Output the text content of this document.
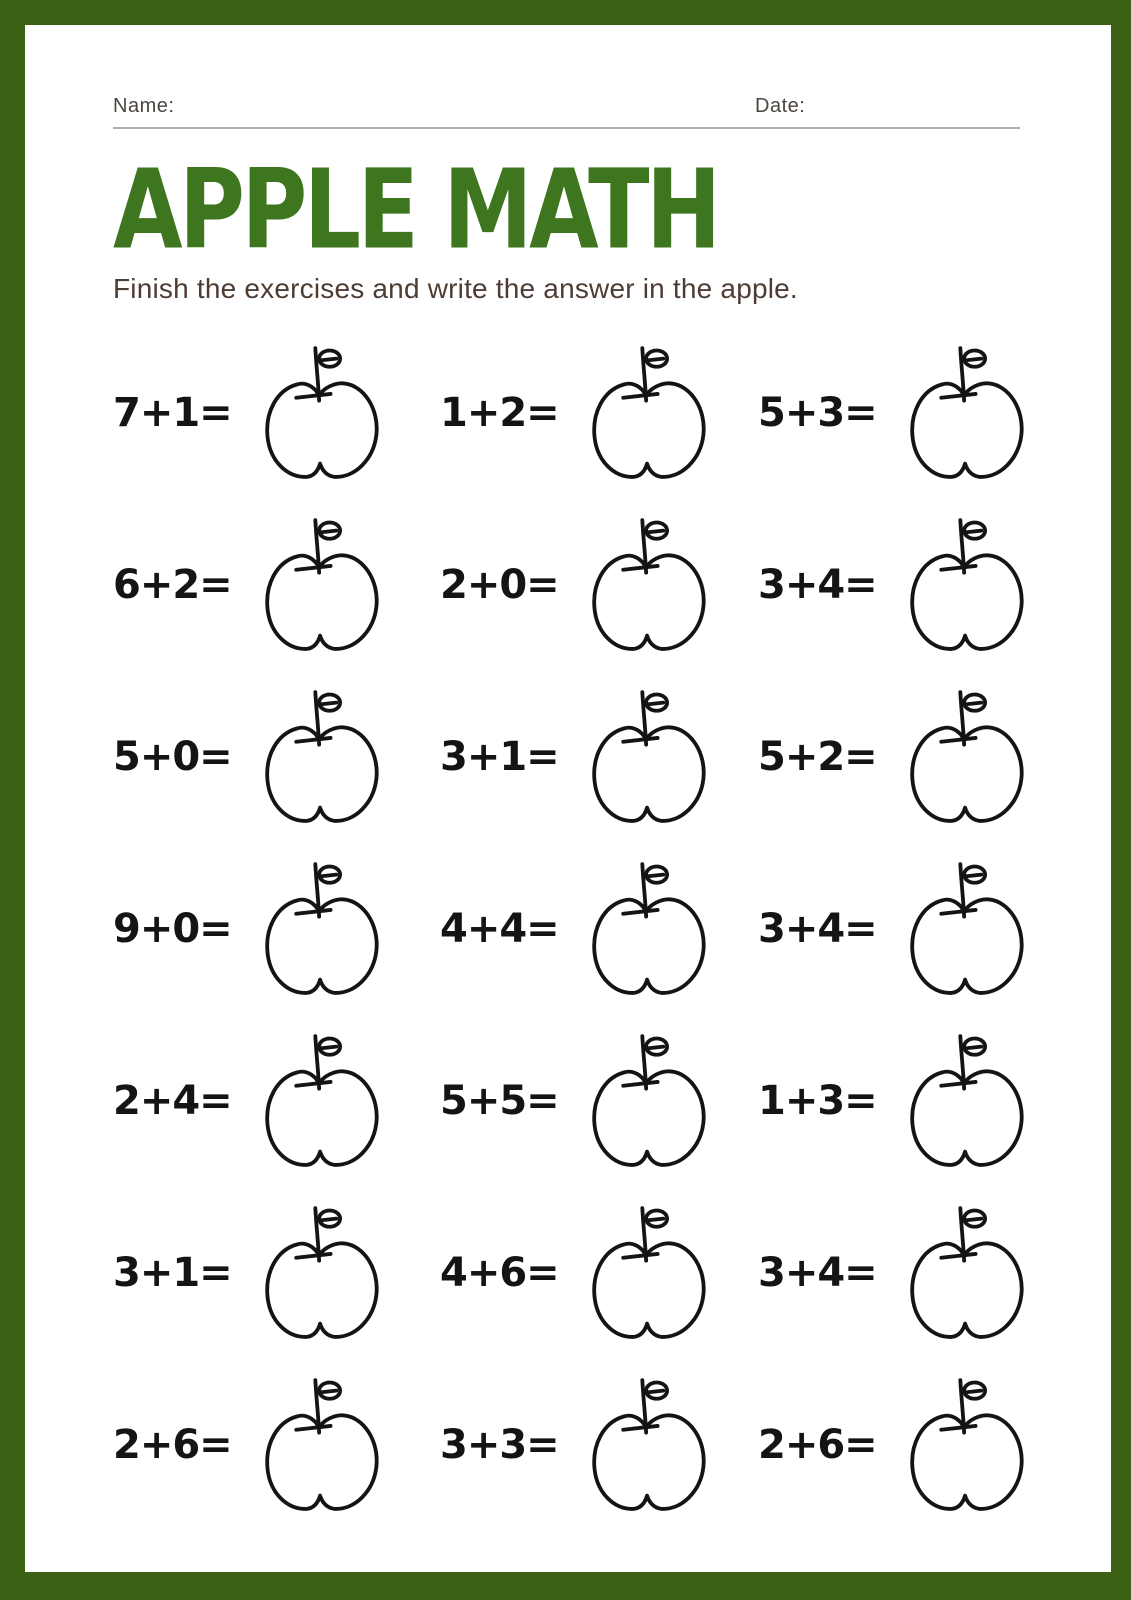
Name:	Date:
APPLE MATH
Finish the exercises and write the answer in the apple.
7+1=	1+2=	5+3=
6+2=	2+0=	3+4=
5+0=	3+1=	5+2=
9+0=	4+4=	3+4=
2+4=	5+5=	1+3=
3+1=	4+6=	3+4=
2+6=	3+3=	2+6=
